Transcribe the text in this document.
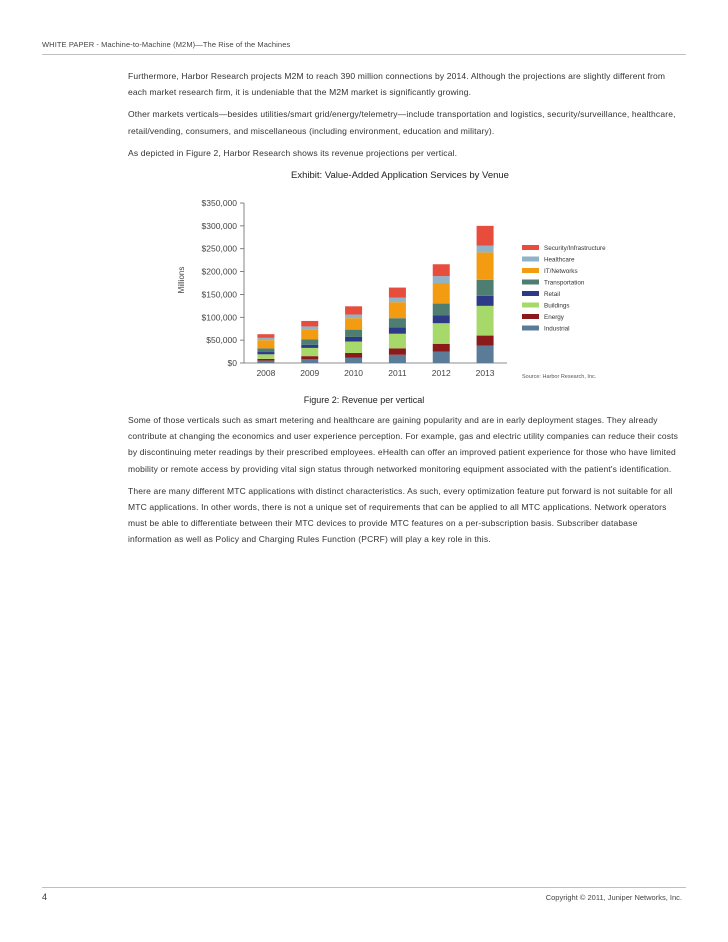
WHITE PAPER - Machine-to-Machine (M2M)—The Rise of the Machines

Furthermore, Harbor Research projects M2M to reach 390 million connections by 2014. Although the projections are slightly different from each market research firm, it is undeniable that the M2M market is significantly growing.

Other markets verticals—besides utilities/smart grid/energy/telemetry—include transportation and logistics, security/surveillance, healthcare, retail/vending, consumers, and miscellaneous (including environment, education and military).

As depicted in Figure 2, Harbor Research shows its revenue projections per vertical.

Exhibit: Value-Added Application Services by Venue
$0
$50,000
$100,000
$150,000
$200,000
$250,000
$300,000
$350,000
2008	2009	2010	2011	2012	2013
Security/Infrastructure
Healthcare
IT/Networks
Transportation
Retail
Buildings
Energy
Industrial
Millions
Source: Harbor Research, Inc.
Figure 2: Revenue per vertical

Some of those verticals such as smart metering and healthcare are gaining popularity and are in early deployment stages. They already contribute at changing the economics and user experience perception. For example, gas and electric utility companies can reduce their costs by discontinuing meter readings by their prescribed employees. eHealth can offer an improved patient experience for those who have limited mobility or remote access by providing vital sign status through networked monitoring equipment associated with the patient's identification.

There are many different MTC applications with distinct characteristics. As such, every optimization feature put forward is not suitable for all MTC applications. In other words, there is not a unique set of requirements that can be applied to all MTC applications. Network operators must be able to differentiate between their MTC devices to provide MTC features on a per-subscription basis. Subscriber database information as well as Policy and Charging Rules Function (PCRF) will play a key role in this.

4	Copyright © 2011, Juniper Networks, Inc.
